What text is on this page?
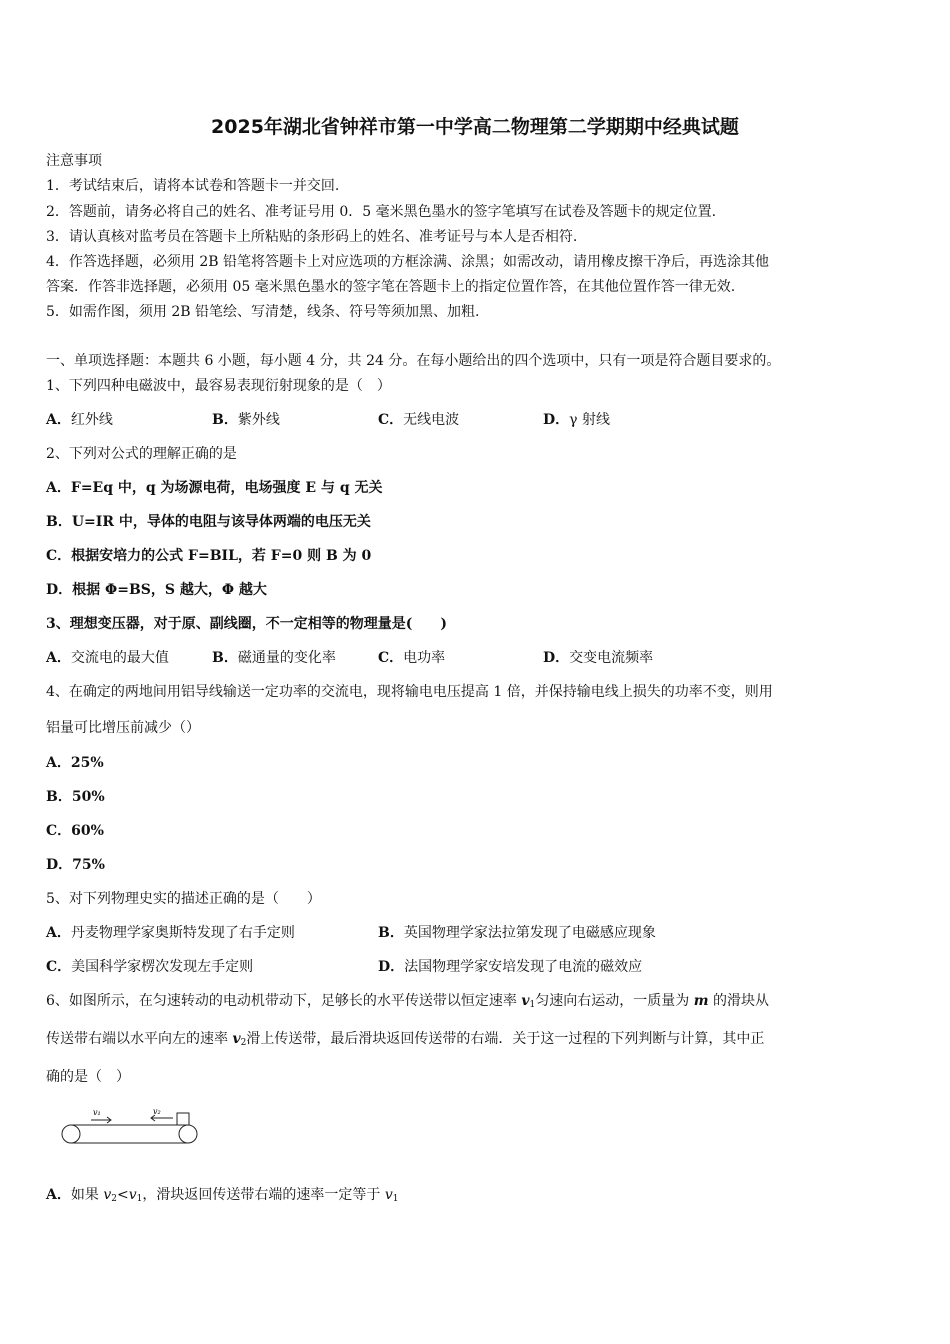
2025年湖北省钟祥市第一中学高二物理第二学期期中经典试题
注意事项
1．考试结束后，请将本试卷和答题卡一并交回.
2．答题前，请务必将自己的姓名、准考证号用 0．5 毫米黑色墨水的签字笔填写在试卷及答题卡的规定位置.
3．请认真核对监考员在答题卡上所粘贴的条形码上的姓名、准考证号与本人是否相符.
4．作答选择题，必须用 2B 铅笔将答题卡上对应选项的方框涂满、涂黑；如需改动，请用橡皮擦干净后，再选涂其他
答案．作答非选择题，必须用 05 毫米黑色墨水的签字笔在答题卡上的指定位置作答，在其他位置作答一律无效.
5．如需作图，须用 2B 铅笔绘、写清楚，线条、符号等须加黑、加粗.
一、单项选择题：本题共 6 小题，每小题 4 分，共 24 分。在每小题给出的四个选项中，只有一项是符合题目要求的。
1、下列四种电磁波中，最容易表现衍射现象的是（　）
A．红外线	B．紫外线	C．无线电波	D．γ 射线
2、下列对公式的理解正确的是
A．F=Eq 中，q 为场源电荷，电场强度 E 与 q 无关
B．U=IR 中，导体的电阻与该导体两端的电压无关
C．根据安培力的公式 F=BIL，若 F=0 则 B 为 0
D．根据 Φ=BS，S 越大，Φ 越大
3、理想变压器，对于原、副线圈，不一定相等的物理量是(　　)
A．交流电的最大值	B．磁通量的变化率	C．电功率	D．交变电流频率
4、在确定的两地间用铝导线输送一定功率的交流电，现将输电电压提高 1 倍，并保持输电线上损失的功率不变，则用
铝量可比增压前减少（）
A．25%
B．50%
C．60%
D．75%
5、对下列物理史实的描述正确的是（　　）
A．丹麦物理学家奥斯特发现了右手定则	B．英国物理学家法拉第发现了电磁感应现象
C．美国科学家楞次发现左手定则	D．法国物理学家安培发现了电流的磁效应
6、如图所示，在匀速转动的电动机带动下，足够长的水平传送带以恒定速率 $v_1$匀速向右运动，一质量为 m 的滑块从
传送带右端以水平向左的速率 $v_2$滑上传送带，最后滑块返回传送带的右端．关于这一过程的下列判断与计算，其中正
确的是（　）
v₁	v₂
A．如果 $v_2<v_1$，滑块返回传送带右端的速率一定等于 $v_1$
